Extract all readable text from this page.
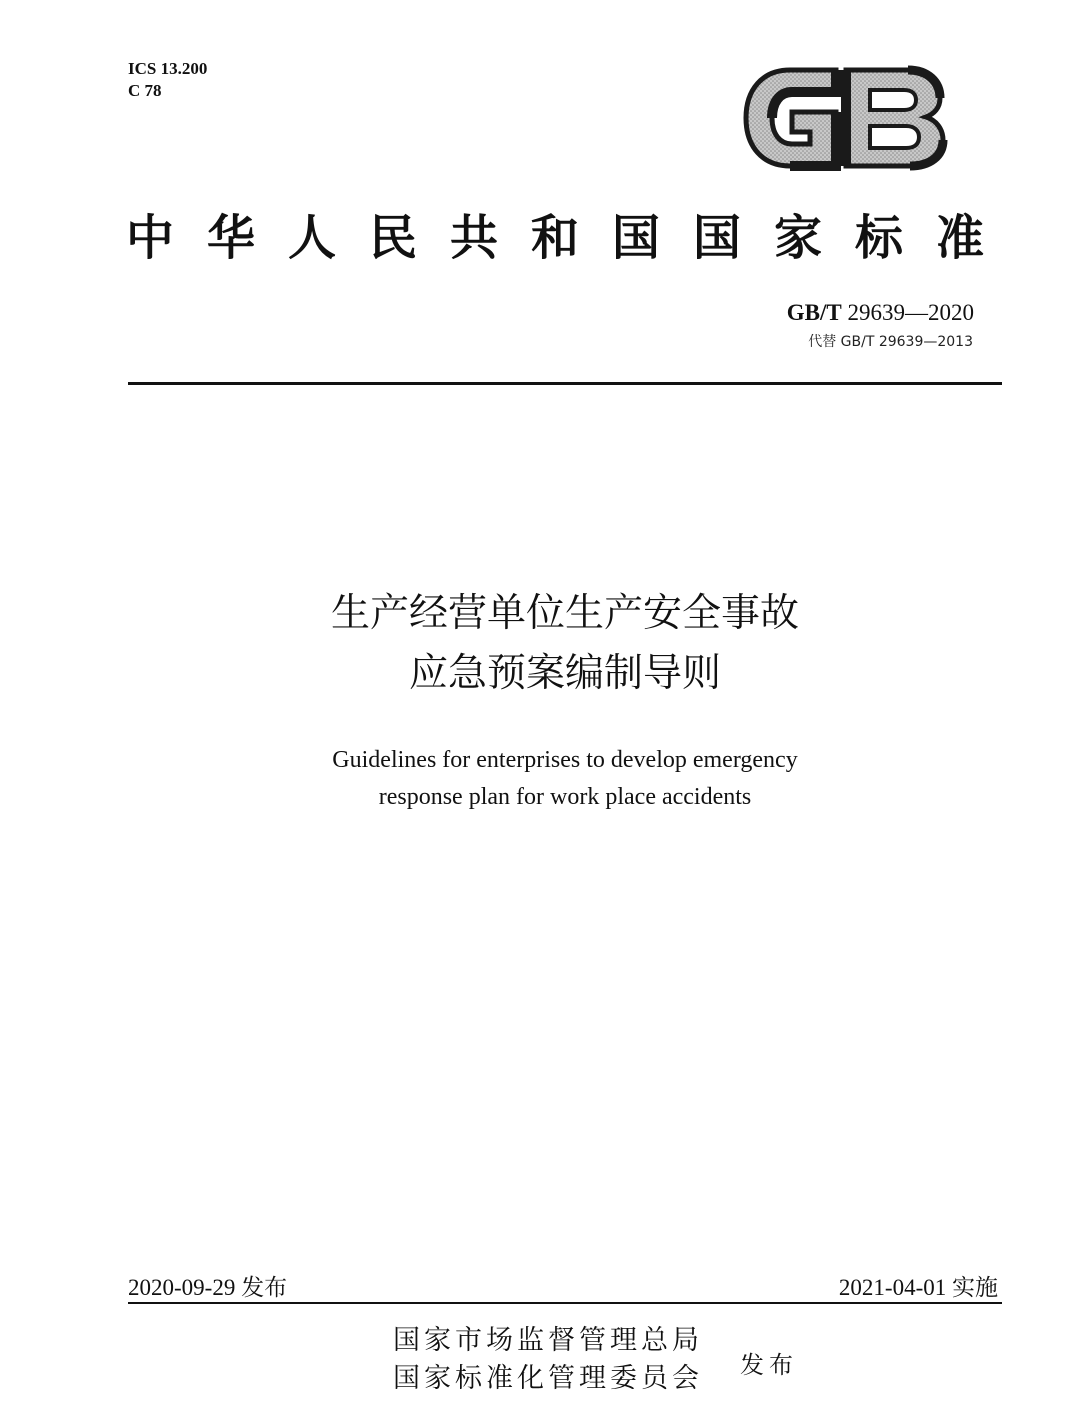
ICS 13.200
C 78
中华人民共和国国家标准
GB/T 29639—2020
代替 GB/T 29639—2013
生产经营单位生产安全事故
应急预案编制导则
Guidelines for enterprises to develop emergency
response plan for work place accidents
2020-09-29 发布	2021-04-01 实施
国家市场监督管理总局
国家标准化管理委员会 发布
